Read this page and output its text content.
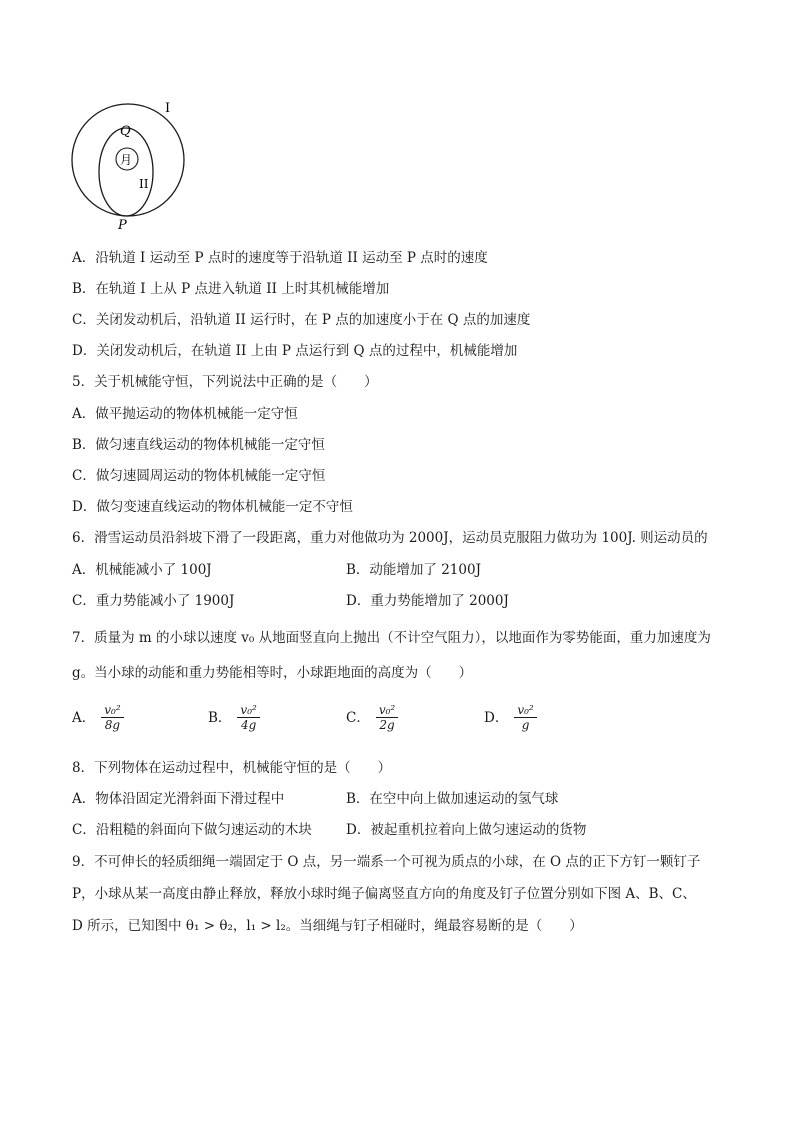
月
I
II
Q
P
A．沿轨道 I 运动至 P 点时的速度等于沿轨道 II 运动至 P 点时的速度
B．在轨道 I 上从 P 点进入轨道 II 上时其机械能增加
C．关闭发动机后，沿轨道 II 运行时，在 P 点的加速度小于在 Q 点的加速度
D．关闭发动机后，在轨道 II 上由 P 点运行到 Q 点的过程中，机械能增加
5．关于机械能守恒，下列说法中正确的是（　　）
A．做平抛运动的物体机械能一定守恒
B．做匀速直线运动的物体机械能一定守恒
C．做匀速圆周运动的物体机械能一定守恒
D．做匀变速直线运动的物体机械能一定不守恒
6．滑雪运动员沿斜坡下滑了一段距离，重力对他做功为 2000J，运动员克服阻力做功为 100J. 则运动员的
A．机械能减小了 100J	B．动能增加了 2100J
C．重力势能减小了 1900J	D．重力势能增加了 2000J
7．质量为 m 的小球以速度 v₀ 从地面竖直向上抛出（不计空气阻力），以地面作为零势能面，重力加速度为
g。当小球的动能和重力势能相等时，小球距地面的高度为（　　）
A． $\frac{\text{v₀²}}{8g}$	B． $\frac{\text{v₀²}}{4g}$	C． $\frac{\text{v₀²}}{2g}$	D． $\frac{\text{v₀²}}{g}$
8．下列物体在运动过程中，机械能守恒的是（　　）
A．物体沿固定光滑斜面下滑过程中	B．在空中向上做加速运动的氢气球
C．沿粗糙的斜面向下做匀速运动的木块	D．被起重机拉着向上做匀速运动的货物
9．不可伸长的轻质细绳一端固定于 O 点，另一端系一个可视为质点的小球，在 O 点的正下方钉一颗钉子
P，小球从某一高度由静止释放，释放小球时绳子偏离竖直方向的角度及钉子位置分别如下图 A、B、C、
D 所示，已知图中 θ₁ > θ₂，l₁ > l₂。当细绳与钉子相碰时，绳最容易断的是（　　）
